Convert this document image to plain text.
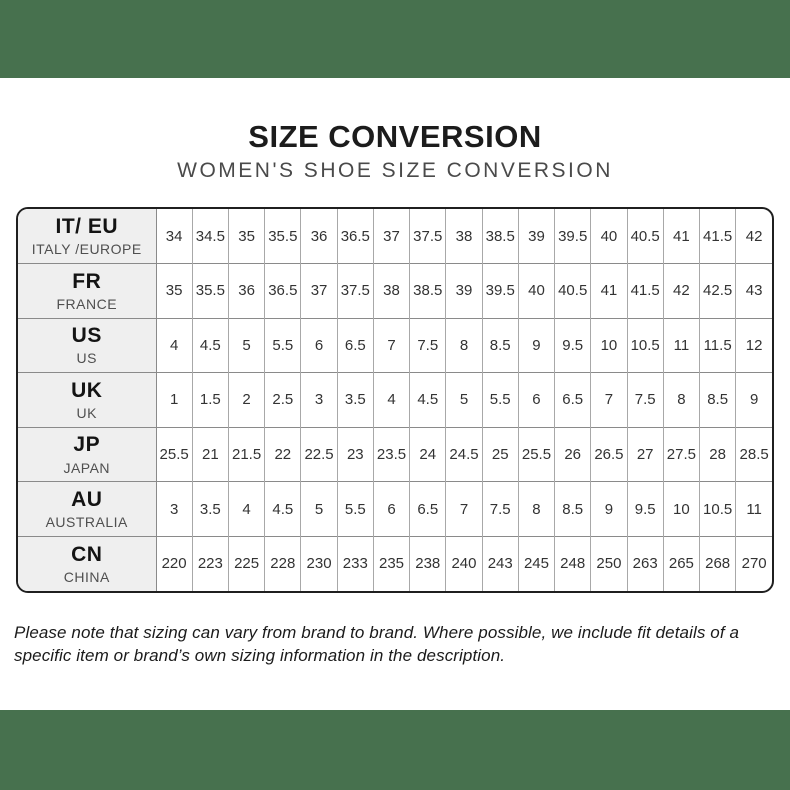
SIZE CONVERSION
WOMEN'S SHOE SIZE CONVERSION
IT/ EU
ITALY /EUROPE	34	34.5	35	35.5	36	36.5	37	37.5	38	38.5	39	39.5	40	40.5	41	41.5	42

FR
FRANCE	35	35.5	36	36.5	37	37.5	38	38.5	39	39.5	40	40.5	41	41.5	42	42.5	43

US
US	4	4.5	5	5.5	6	6.5	7	7.5	8	8.5	9	9.5	10	10.5	11	11.5	12

UK
UK	1	1.5	2	2.5	3	3.5	4	4.5	5	5.5	6	6.5	7	7.5	8	8.5	9

JP
JAPAN	25.5	21	21.5	22	22.5	23	23.5	24	24.5	25	25.5	26	26.5	27	27.5	28	28.5

AU
AUSTRALIA	3	3.5	4	4.5	5	5.5	6	6.5	7	7.5	8	8.5	9	9.5	10	10.5	11

CN
CHINA	220	223	225	228	230	233	235	238	240	243	245	248	250	263	265	268	270

Please note that sizing can vary from brand to brand. Where possible, we include fit details of a specific item or brand’s own sizing information in the description.
